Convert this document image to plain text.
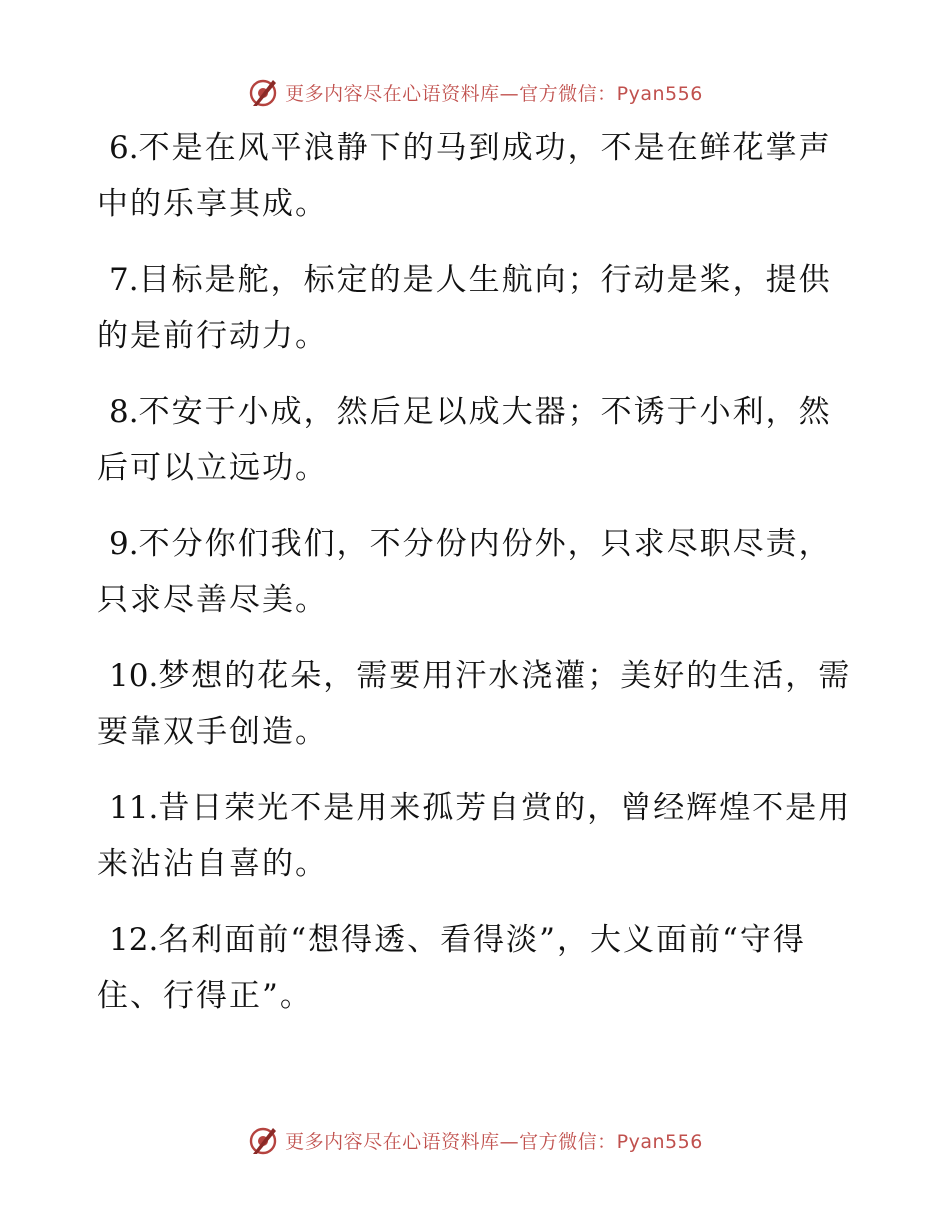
更多内容尽在心语资料库—官方微信：Pyan556

6.不是在风平浪静下的马到成功，不是在鲜花掌声中的乐享其成。

7.目标是舵，标定的是人生航向；行动是桨，提供的是前行动力。

8.不安于小成，然后足以成大器；不诱于小利，然后可以立远功。

9.不分你们我们，不分份内份外，只求尽职尽责，只求尽善尽美。

10.梦想的花朵，需要用汗水浇灌；美好的生活，需要靠双手创造。

11.昔日荣光不是用来孤芳自赏的，曾经辉煌不是用来沾沾自喜的。

12.名利面前“想得透、看得淡”，大义面前“守得住、行得正”。

更多内容尽在心语资料库—官方微信：Pyan556
